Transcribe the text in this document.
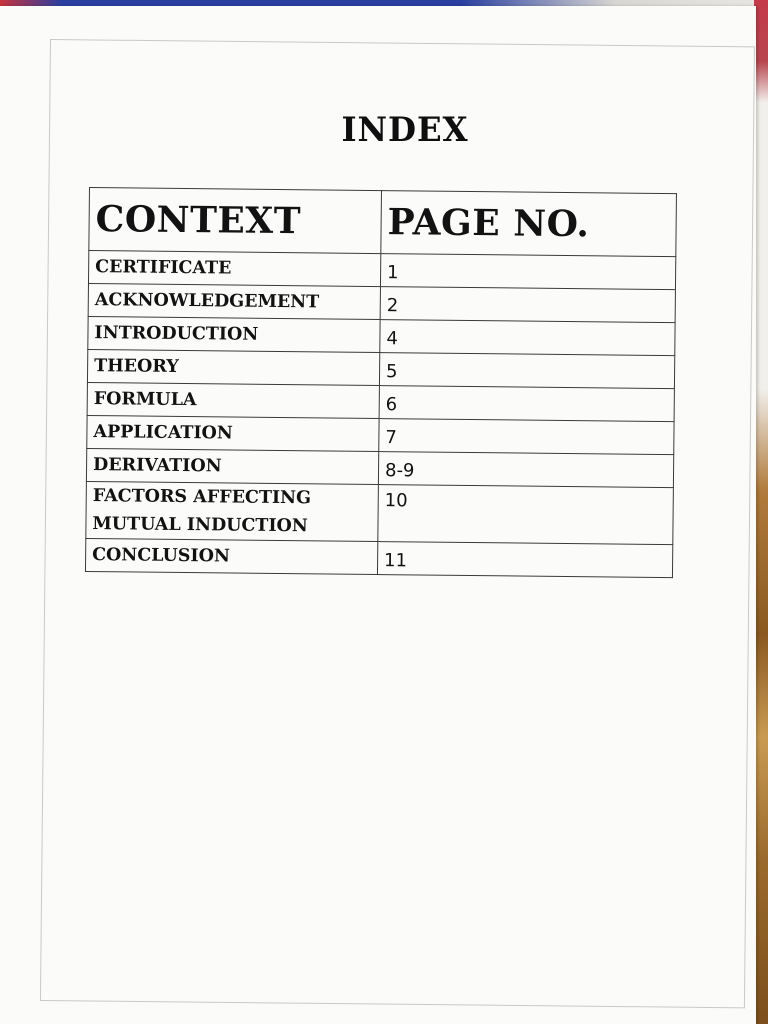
INDEX
CONTEXT	PAGE NO.
CERTIFICATE	1
ACKNOWLEDGEMENT	2
INTRODUCTION	4
THEORY	5
FORMULA	6
APPLICATION	7
DERIVATION	8-9

FACTORS AFFECTING
MUTUAL INDUCTION	10
CONCLUSION	11
